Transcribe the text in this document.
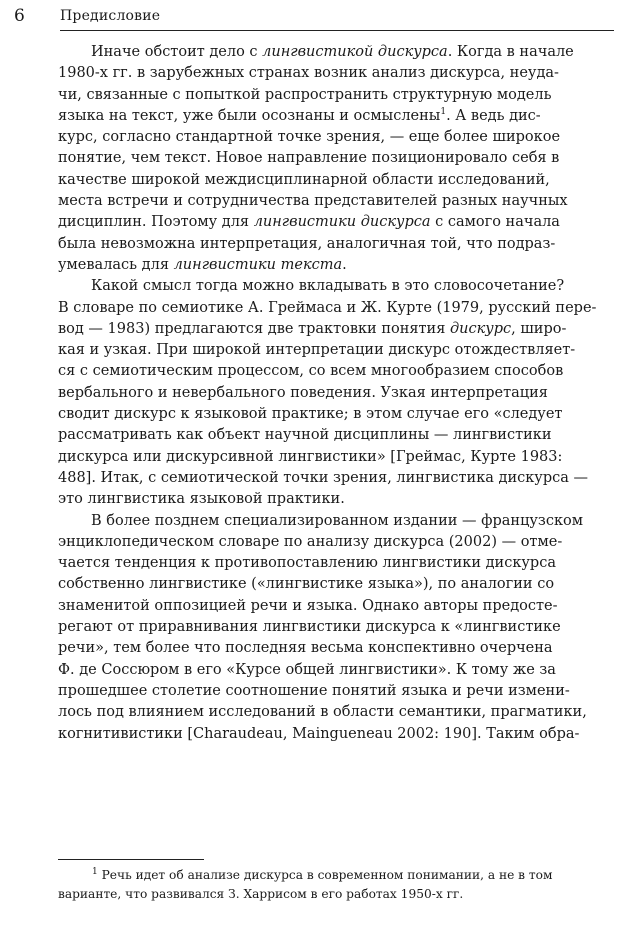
6	Предисловие
Иначе обстоит дело с лингвистикой дискурса. Когда в начале
1980-х гг. в зарубежных странах возник анализ дискурса, неуда-
чи, связанные с попыткой распространить структурную модель
языка на текст, уже были осознаны и осмыслены$^1$. А ведь дис-
курс, согласно стандартной точке зрения, — еще более широкое
понятие, чем текст. Новое направление позиционировало себя в
качестве широкой междисциплинарной области исследований,
места встречи и сотрудничества представителей разных научных
дисциплин. Поэтому для лингвистики дискурса с самого начала
была невозможна интерпретация, аналогичная той, что подраз-
умевалась для лингвистики текста.
Какой смысл тогда можно вкладывать в это словосочетание?
В словаре по семиотике А. Греймаса и Ж. Курте (1979, русский пере-
вод — 1983) предлагаются две трактовки понятия дискурс, широ-
кая и узкая. При широкой интерпретации дискурс отождествляет-
ся с семиотическим процессом, со всем многообразием способов
вербального и невербального поведения. Узкая интерпретация
сводит дискурс к языковой практике; в этом случае его «следует
рассматривать как объект научной дисциплины — лингвистики
дискурса или дискурсивной лингвистики» [Греймас, Курте 1983:
488]. Итак, с семиотической точки зрения, лингвистика дискурса —
это лингвистика языковой практики.
В более позднем специализированном издании — французском
энциклопедическом словаре по анализу дискурса (2002) — отме-
чается тенденция к противопоставлению лингвистики дискурса
собственно лингвистике («лингвистике языка»), по аналогии со
знаменитой оппозицией речи и языка. Однако авторы предосте-
регают от приравнивания лингвистики дискурса к «лингвистике
речи», тем более что последняя весьма конспективно очерчена
Ф. де Соссюром в его «Курсе общей лингвистики». К тому же за
прошедшее столетие соотношение понятий языка и речи измени-
лось под влиянием исследований в области семантики, прагматики,
когнитивистики [Charaudeau, Maingueneau 2002: 190]. Таким обра-
$^1$ Речь идет об анализе дискурса в современном понимании, а не в том
варианте, что развивался З. Харрисом в его работах 1950-х гг.
